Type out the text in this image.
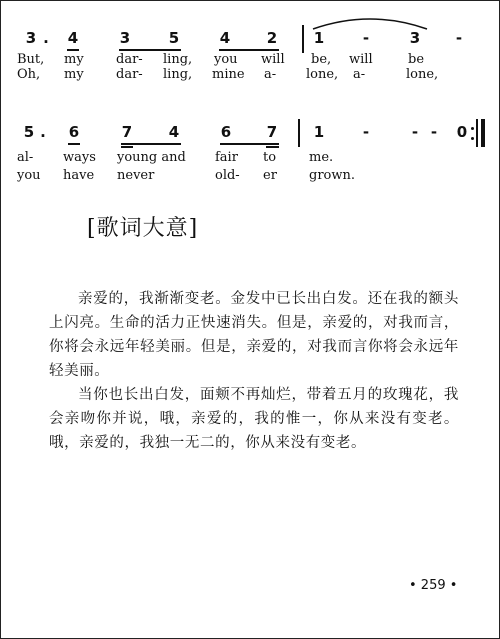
3 . 4	3	5	4 2 1	-	3 -
But, my dar- ling, you will be, will	be
Oh, my dar- ling, mine a- lone, a-	lone,
5 . 6	7 4	6 7 1	-	- - 0
al- ways young and fair to	me.
you have never	old- er grown.
[歌词大意]

亲爱的，我渐渐变老。金发中已长出白发。还在我的额头上闪亮。生命的活力正快速消失。但是，亲爱的，对我而言，你将会永远年轻美丽。但是，亲爱的，对我而言你将会永远年轻美丽。

当你也长出白发，面颊不再灿烂，带着五月的玫瑰花，我会亲吻你并说，哦，亲爱的，我的惟一，你从来没有变老。哦，亲爱的，我独一无二的，你从来没有变老。

• 259 •
